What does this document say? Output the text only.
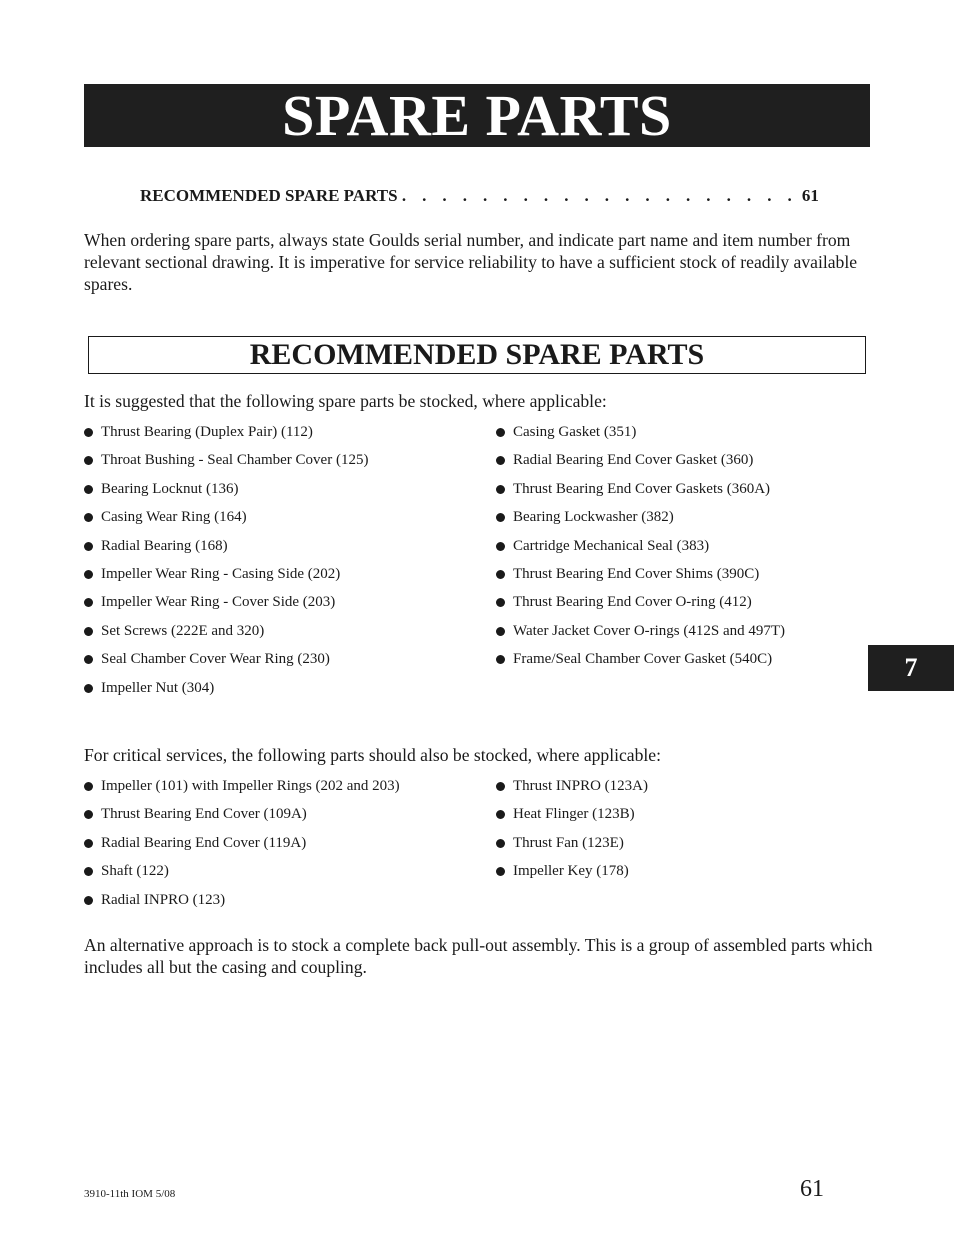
SPARE PARTS
RECOMMENDED SPARE PARTS . . . . . . . . . . . . . . . . . . . . 61
When ordering spare parts, always state Goulds serial number, and indicate part name and item number from relevant sectional drawing. It is imperative for service reliability to have a sufficient stock of readily available spares.
RECOMMENDED SPARE PARTS
It is suggested that the following spare parts be stocked, where applicable:
Thrust Bearing (Duplex Pair) (112)
Throat Bushing - Seal Chamber Cover (125)
Bearing Locknut (136)
Casing Wear Ring (164)
Radial Bearing (168)
Impeller Wear Ring - Casing Side (202)
Impeller Wear Ring - Cover Side (203)
Set Screws (222E and 320)
Seal Chamber Cover Wear Ring (230)
Impeller Nut (304)
Casing Gasket (351)
Radial Bearing End Cover Gasket (360)
Thrust Bearing End Cover Gaskets (360A)
Bearing Lockwasher (382)
Cartridge Mechanical Seal (383)
Thrust Bearing End Cover Shims (390C)
Thrust Bearing End Cover O-ring (412)
Water Jacket Cover O-rings (412S and 497T)
Frame/Seal Chamber Cover Gasket (540C)	7
For critical services, the following parts should also be stocked, where applicable:
Impeller (101) with Impeller Rings (202 and 203)
Thrust Bearing End Cover (109A)
Radial Bearing End Cover (119A)
Shaft (122)
Radial INPRO (123)
Thrust INPRO (123A)
Heat Flinger (123B)
Thrust Fan (123E)
Impeller Key (178)
An alternative approach is to stock a complete back pull-out assembly. This is a group of assembled parts which includes all but the casing and coupling.
3910-11th IOM 5/08	61
